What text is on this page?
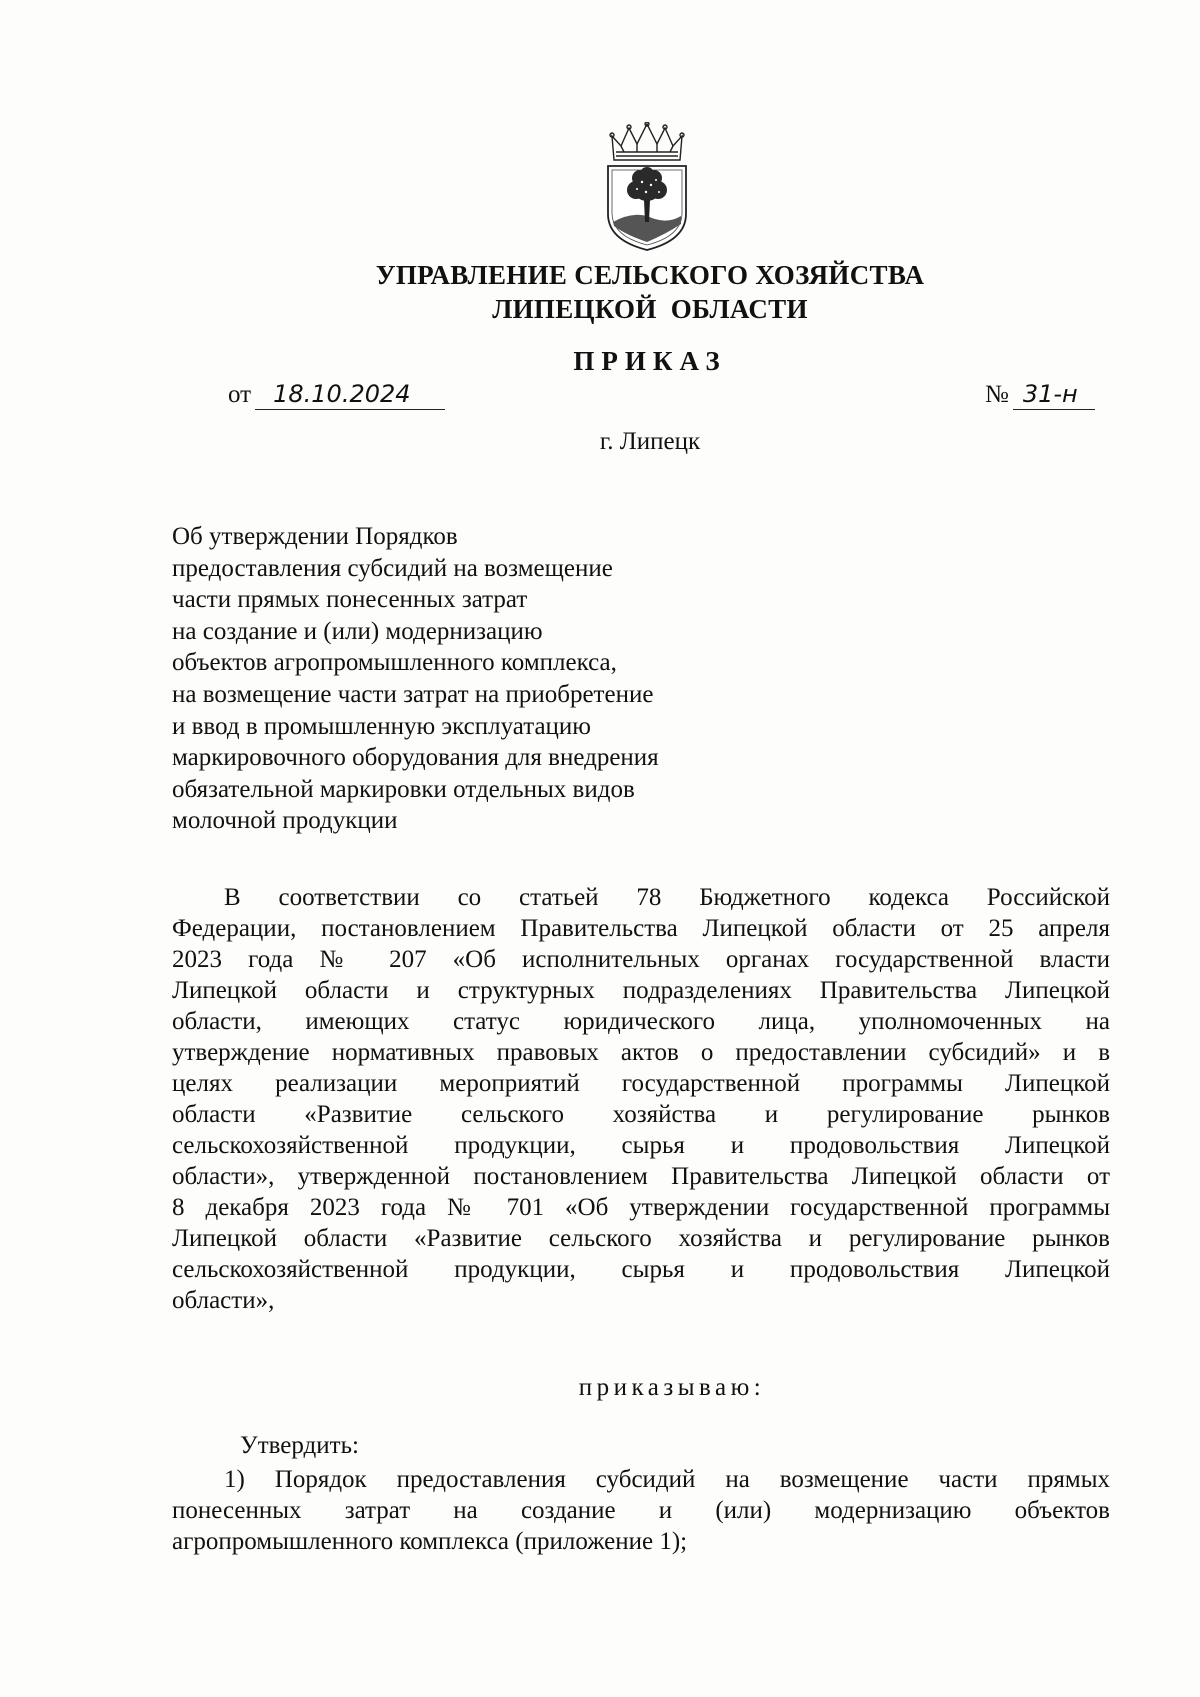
УПРАВЛЕНИЕ СЕЛЬСКОГО ХОЗЯЙСТВА
ЛИПЕЦКОЙ  ОБЛАСТИ
ПРИКАЗ
от 18.10.2024	№ 31-н
г. Липецк
Об утверждении Порядков
предоставления субсидий на возмещение
части прямых понесенных затрат
на создание и (или) модернизацию
объектов агропромышленного комплекса,
на возмещение части затрат на приобретение
и ввод в промышленную эксплуатацию
маркировочного оборудования для внедрения
обязательной маркировки отдельных видов
молочной продукции
В соответствии со статьей 78 Бюджетного кодекса Российской
Федерации, постановлением Правительства Липецкой области от 25 апреля
2023 года № 207 «Об исполнительных органах государственной власти
Липецкой области и структурных подразделениях Правительства Липецкой
области, имеющих статус юридического лица, уполномоченных на
утверждение нормативных правовых актов о предоставлении субсидий» и в
целях реализации мероприятий государственной программы Липецкой
области «Развитие сельского хозяйства и регулирование рынков
сельскохозяйственной продукции, сырья и продовольствия Липецкой
области», утвержденной постановлением Правительства Липецкой области от
8 декабря 2023 года № 701 «Об утверждении государственной программы
Липецкой области «Развитие сельского хозяйства и регулирование рынков
сельскохозяйственной продукции, сырья и продовольствия Липецкой
области»,
приказываю:
Утвердить:
1) Порядок предоставления субсидий на возмещение части прямых
понесенных затрат на создание и (или) модернизацию объектов
агропромышленного комплекса (приложение 1);
